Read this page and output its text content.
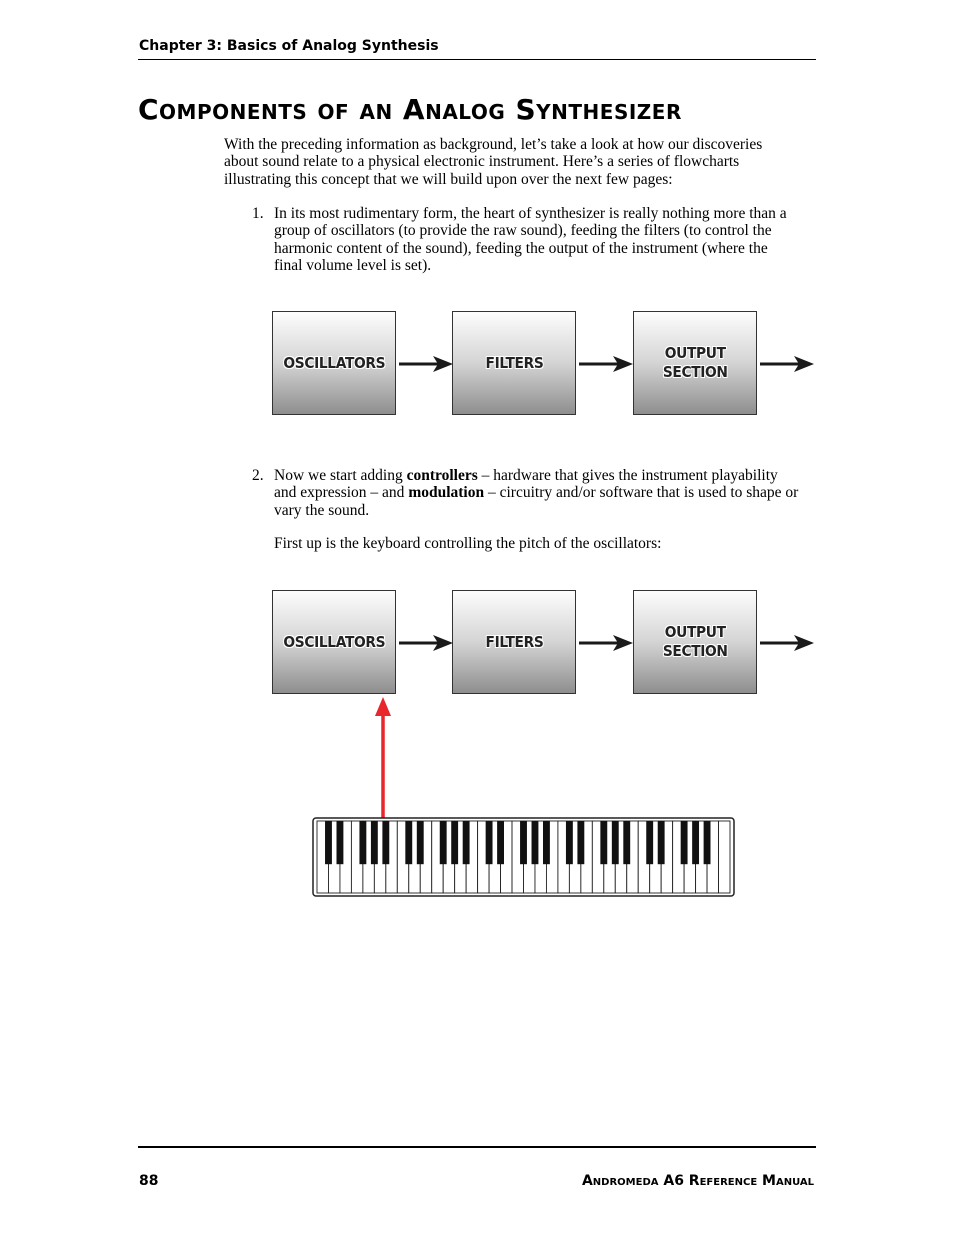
Chapter 3: Basics of Analog Synthesis
Components of an Analog Synthesizer

With the preceding information as background, let’s take a look at how our discoveries about sound relate to a physical electronic instrument. Here’s a series of flowcharts illustrating this concept that we will build upon over the next few pages:

1. In its most rudimentary form, the heart of synthesizer is really nothing more than a group of oscillators (to provide the raw sound), feeding the filters (to control the harmonic content of the sound), feeding the output of the instrument (where the final volume level is set).

OSCILLATORS	FILTERS
OUTPUT
SECTION
2. Now we start adding controllers – hardware that gives the instrument playability and expression – and modulation – circuitry and/or software that is used to shape or vary the sound.

First up is the keyboard controlling the pitch of the oscillators:

OSCILLATORS	FILTERS
OUTPUT
SECTION
88	Andromeda A6 Reference Manual
